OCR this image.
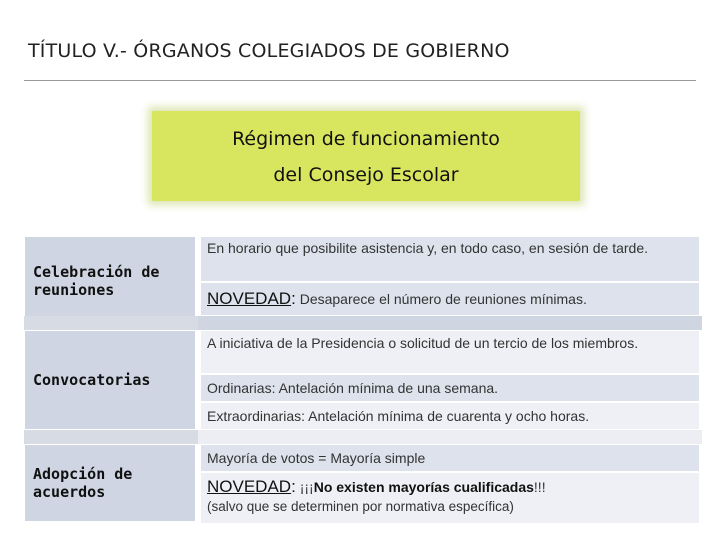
TÍTULO V.- ÓRGANOS COLEGIADOS DE GOBIERNO
Régimen de funcionamiento
del Consejo Escolar
Celebración de reuniones
En horario que posibilite asistencia y, en todo caso, en sesión de tarde.
NOVEDAD: Desaparece el número de reuniones mínimas.
Convocatorias
A iniciativa de la Presidencia o solicitud de un tercio de los miembros.
Ordinarias: Antelación mínima de una semana.
Extraordinarias: Antelación mínima de cuarenta y ocho horas.
Adopción de acuerdos
Mayoría de votos = Mayoría simple
NOVEDAD: ¡¡¡No existen mayorías cualificadas!!!
(salvo que se determinen por normativa específica)
